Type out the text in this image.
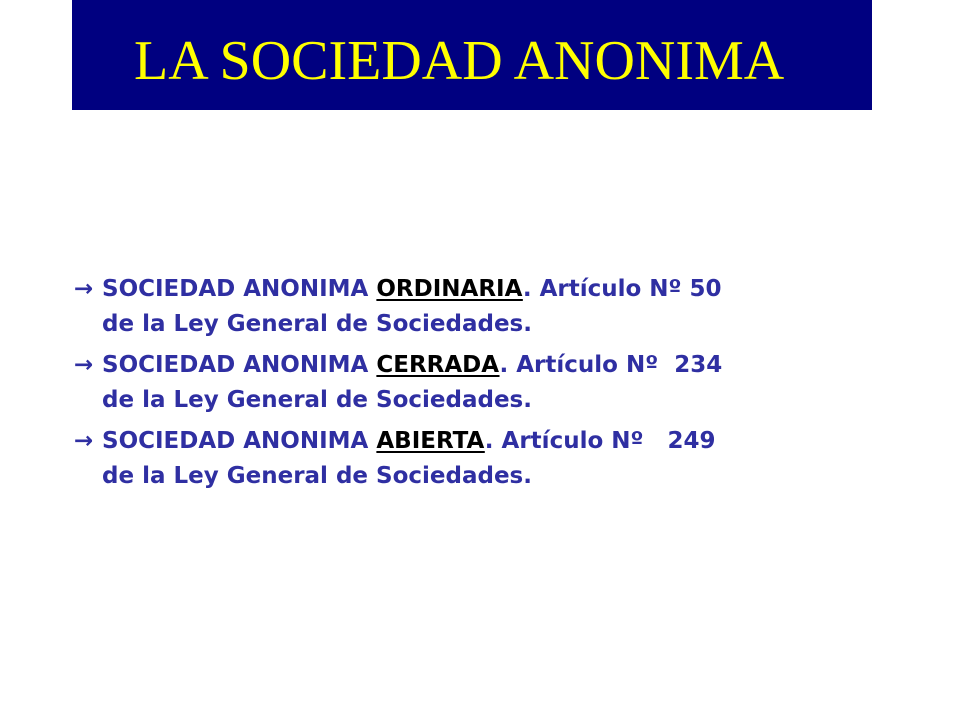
LA SOCIEDAD ANONIMA
→ SOCIEDAD ANONIMA ORDINARIA. Artículo Nº 50
de la Ley General de Sociedades.
→ SOCIEDAD ANONIMA CERRADA. Artículo Nº  234
de la Ley General de Sociedades.
→ SOCIEDAD ANONIMA ABIERTA. Artículo Nº   249
de la Ley General de Sociedades.
